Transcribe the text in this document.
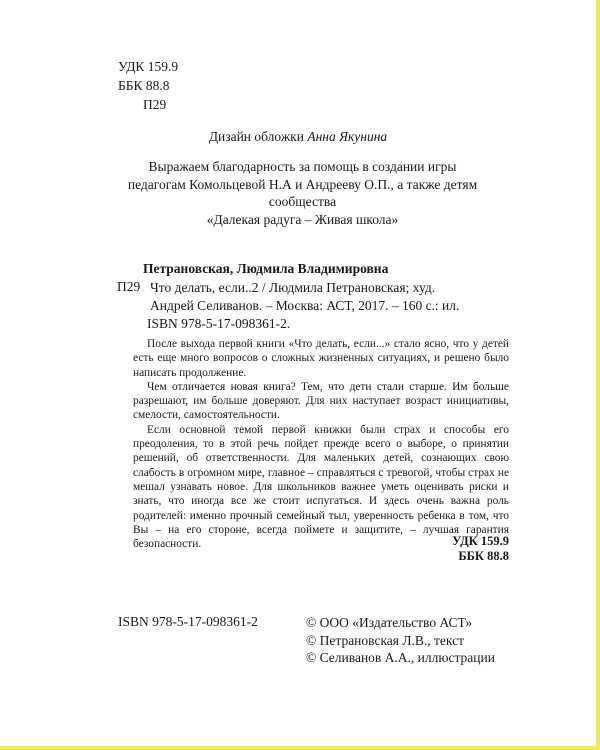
УДК 159.9
ББК 88.8
П29
Дизайн обложки Анна Якунина
Выражаем благодарность за помощь в создании игры
педагогам Комольцевой Н.А и Андрееву О.П., а также детям
сообщества
«Далекая радуга – Живая школа»
Петрановская, Людмила Владимировна
П29 Что делать, если..2 / Людмила Петрановская; худ.
Андрей Селиванов. – Москва: АСТ, 2017. – 160 с.: ил.
ISBN 978-5-17-098361-2.

После выхода первой книги «Что делать, если...» стало ясно, что у детей есть еще много вопросов о сложных жизненных ситуациях, и решено было написать продолжение.

Чем отличается новая книга? Тем, что дети стали старше. Им больше разрешают, им больше доверяют. Для них наступает возраст инициативы, смелости, самостоятельности.

Если основной темой первой книжки были страх и способы его преодоления, то в этой речь пойдет прежде всего о выборе, о принятии решений, об ответственности. Для маленьких детей, сознающих свою слабость в огромном мире, главное – справляться с тревогой, чтобы страх не мешал узнавать новое. Для школьников важнее уметь оценивать риски и знать, что иногда все же стоит испугаться. И здесь очень важна роль родителей: именно прочный семейный тыл, уверенность ребенка в том, что Вы – на его стороне, всегда поймете и защитите, – лучшая гарантия безопасности.	УДК 159.9
ББК 88.8
ISBN 978-5-17-098361-2	© ООО «Издательство АСТ»
© Петрановская Л.В., текст
© Селиванов А.А., иллюстрации
